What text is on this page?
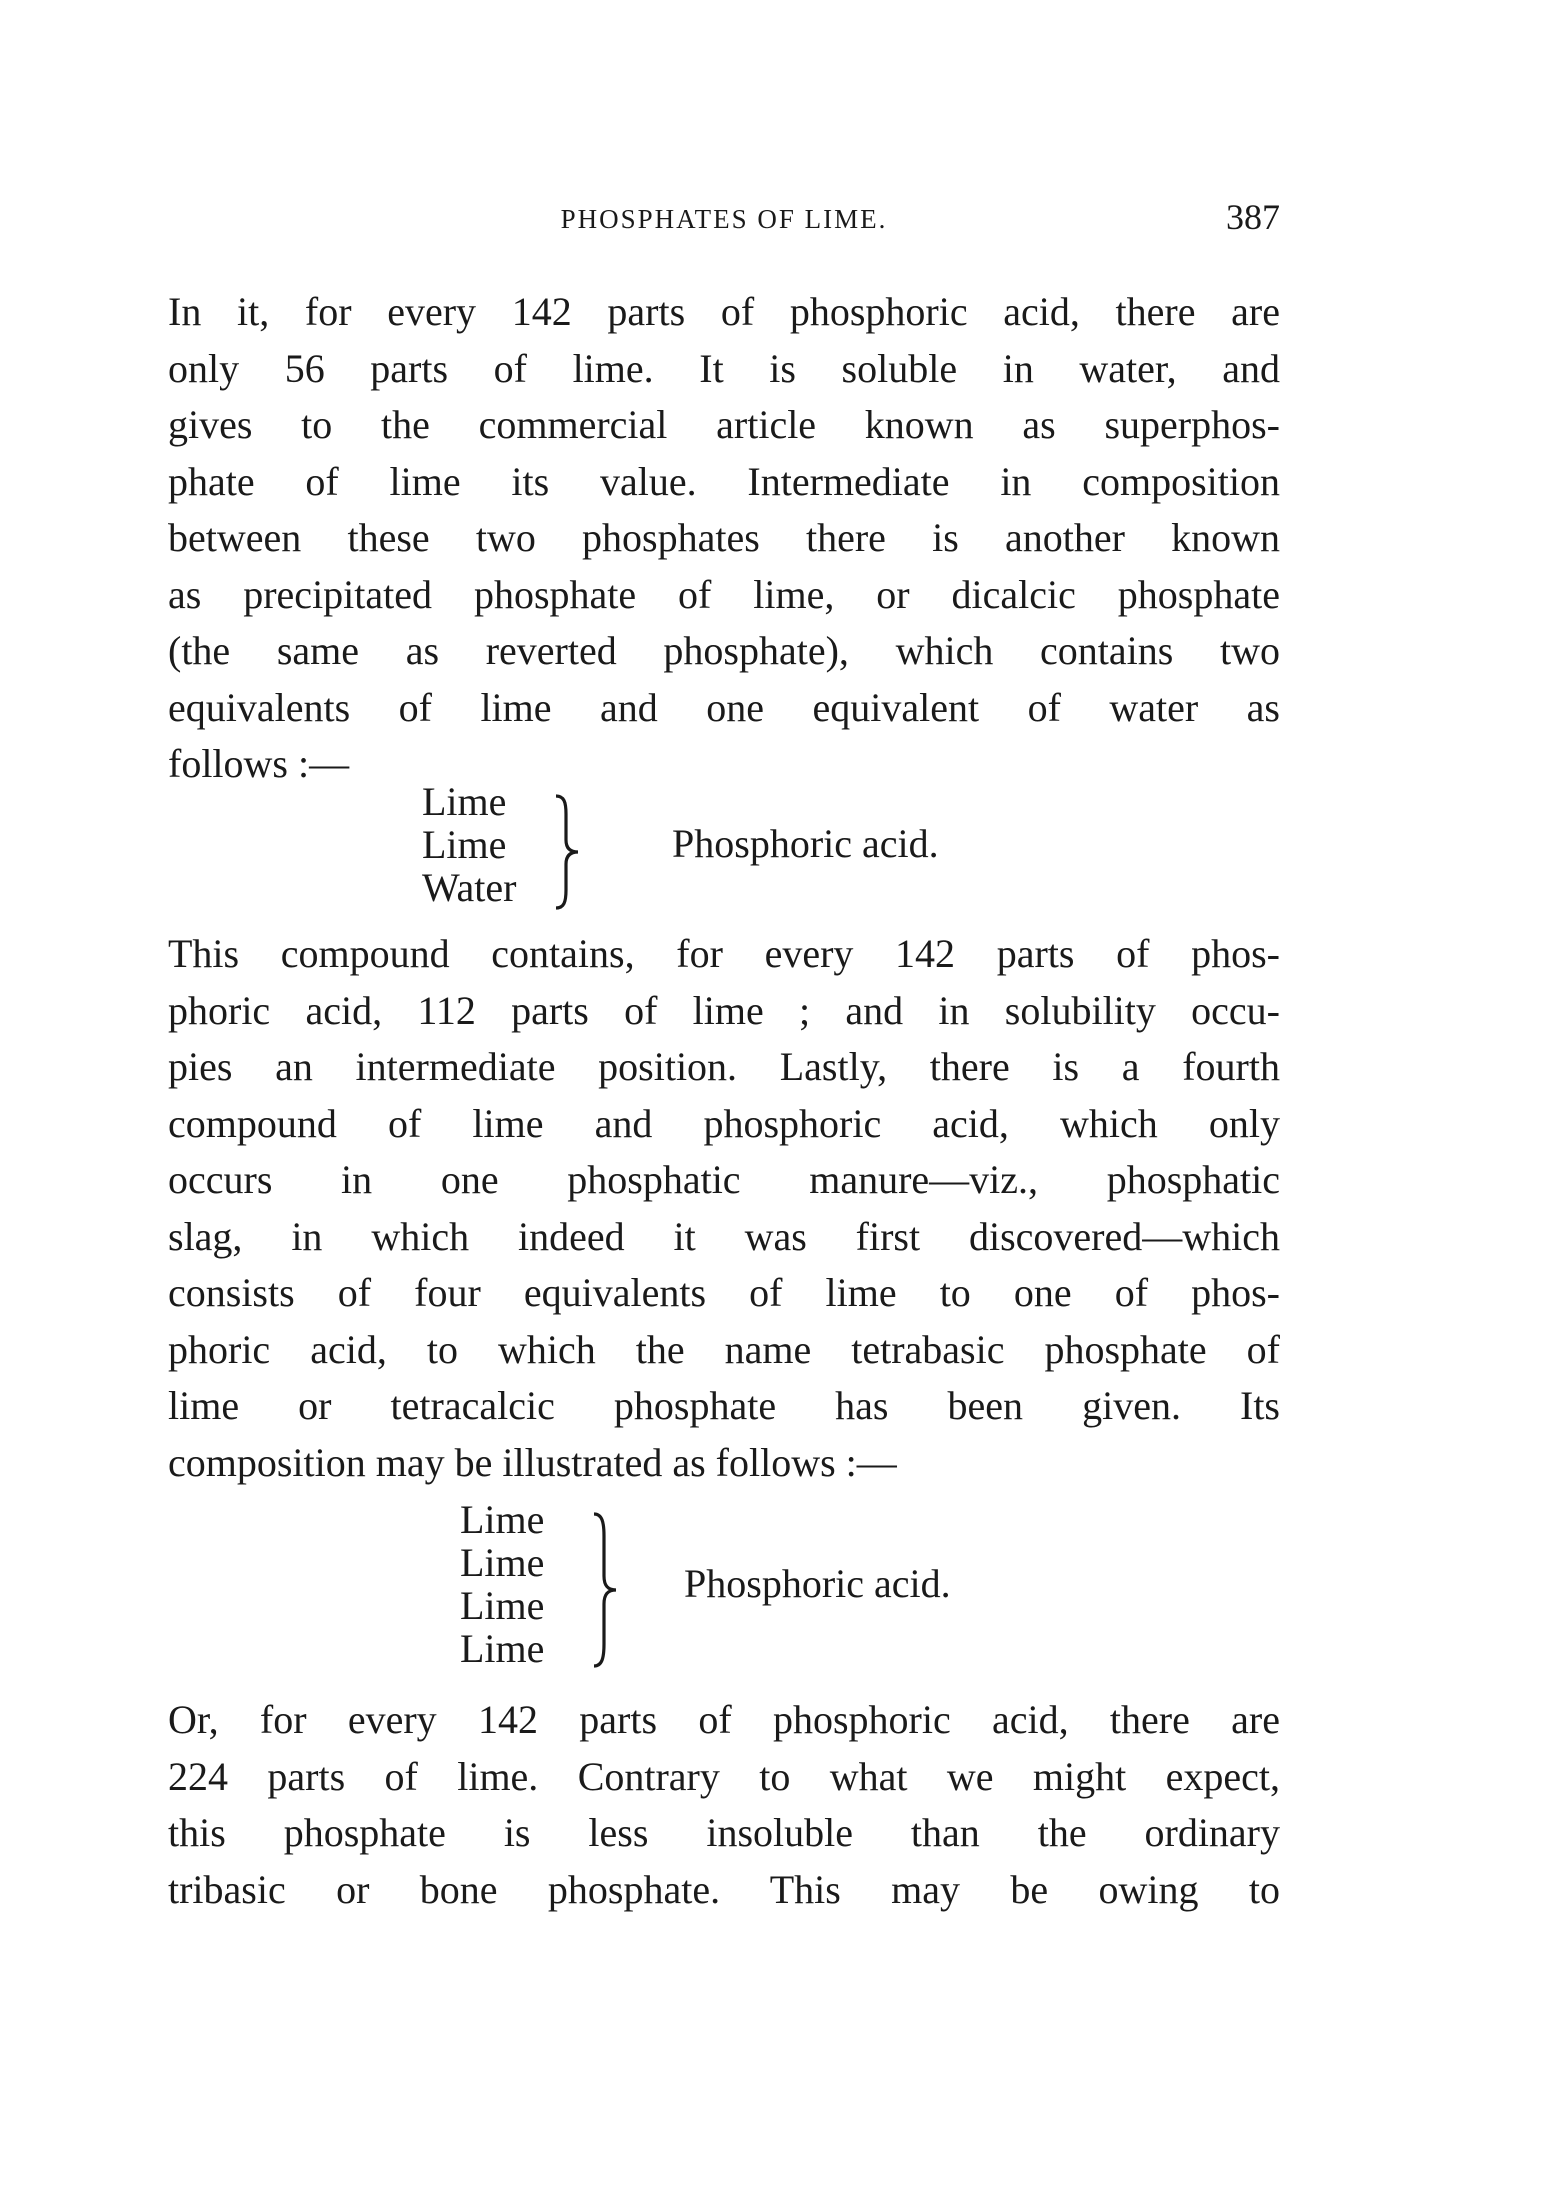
PHOSPHATES OF LIME.	387
In it, for every 142 parts of phosphoric acid, there are
only 56 parts of lime. It is soluble in water, and
gives to the commercial article known as superphos-
phate of lime its value. Intermediate in composition
between these two phosphates there is another known
as precipitated phosphate of lime, or dicalcic phosphate
(the same as reverted phosphate), which contains two
equivalents of lime and one equivalent of water as
follows :—
Lime
Lime
Water
Phosphoric acid.
This compound contains, for every 142 parts of phos-
phoric acid, 112 parts of lime ; and in solubility occu-
pies an intermediate position. Lastly, there is a fourth
compound of lime and phosphoric acid, which only
occurs in one phosphatic manure—viz., phosphatic
slag, in which indeed it was first discovered—which
consists of four equivalents of lime to one of phos-
phoric acid, to which the name tetrabasic phosphate of
lime or tetracalcic phosphate has been given. Its
composition may be illustrated as follows :—
Lime
Lime
Lime
Lime
Phosphoric acid.
Or, for every 142 parts of phosphoric acid, there are
224 parts of lime. Contrary to what we might expect,
this phosphate is less insoluble than the ordinary
tribasic or bone phosphate. This may be owing to
